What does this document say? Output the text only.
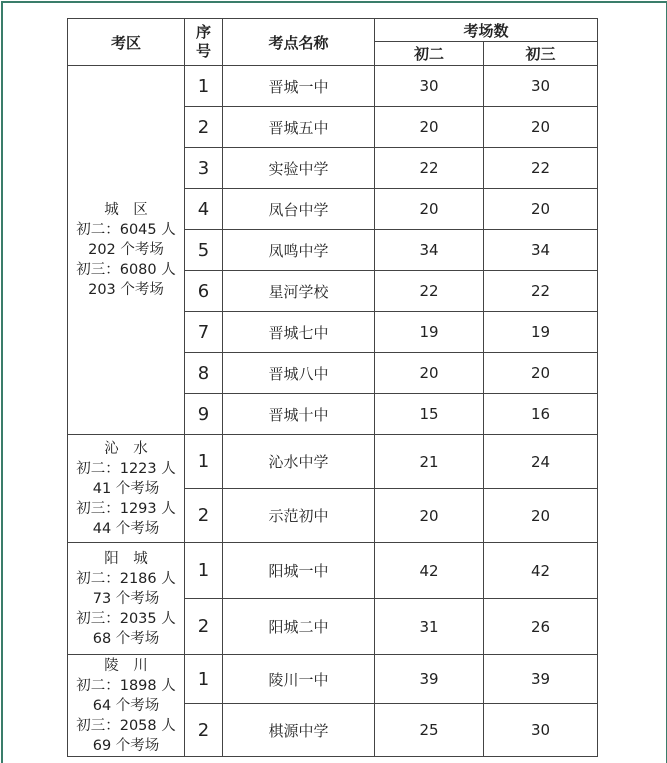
考区	序号	考点名称	考场数	
			初二	初三

城　区
初二：6045 人
202 个考场
初三：6080 人
203 个考场	1	晋城一中	30	30
	2	晋城五中	20	20
	3	实验中学	22	22
	4	凤台中学	20	20
	5	凤鸣中学	34	34
	6	星河学校	22	22
	7	晋城七中	19	19
	8	晋城八中	20	20
	9	晋城十中	15	16

沁　水
初二：1223 人
41 个考场
初三：1293 人
44 个考场	1	沁水中学	21	24
	2	示范初中	20	20

阳　城
初二：2186 人
73 个考场
初三：2035 人
68 个考场	1	阳城一中	42	42
	2	阳城二中	31	26

陵　川
初二：1898 人
64 个考场
初三：2058 人
69 个考场	1	陵川一中	39	39
	2	棋源中学	25	30
